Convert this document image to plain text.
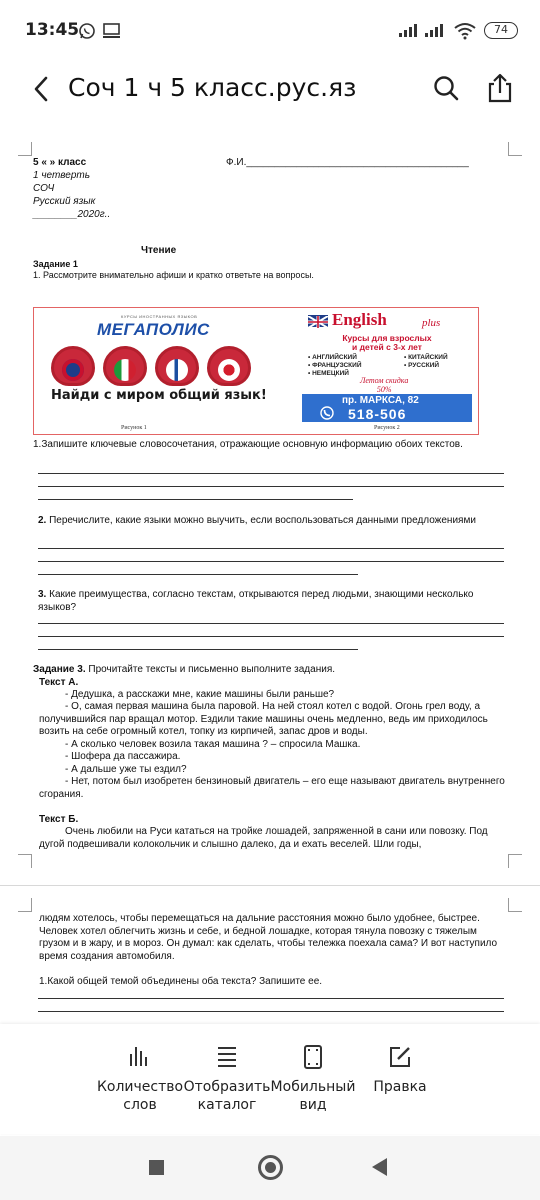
13:45	74
Соч 1 ч 5 класс.рус.яз
5 « » класс	Ф.И.________________________________________
1 четверть
СОЧ
Русский язык
________2020г..
Чтение
Задание 1
1. Рассмотрите внимательно афиши и кратко ответьте на вопросы.
КУРСЫ ИНОСТРАННЫХ ЯЗЫКОВ
МЕГАПОЛИС
Найди с миром общий язык!
Рисунок 1
English	plus
Курсы для взрослых
и детей с 3-х лет
• АНГЛИЙСКИЙ
• ФРАНЦУЗСКИЙ
• НЕМЕЦКИЙ
• КИТАЙСКИЙ
• РУССКИЙ
Летом скидка
50%
пр. МАРКСА, 82
518-506
Рисунок 2
1.Запишите ключевые словосочетания, отражающие основную информацию обоих текстов.
2. Перечислите, какие языки можно выучить, если воспользоваться данными предложениями
3. Какие преимущества, согласно текстам, открываются перед людьми, знающими несколько языков?
Задание 3. Прочитайте тексты и письменно выполните задания.
Текст А.
- Дедушка, а расскажи мне, какие машины были раньше?
- О, самая первая машина была паровой. На ней стоял котел с водой. Огонь грел воду, а получившийся пар вращал мотор. Ездили такие машины очень медленно, ведь им приходилось возить на себе огромный котел, топку из кирпичей, запас дров и воды.
- А сколько человек возила такая машина ? – спросила Машка.
- Шофера да пассажира.
- А дальше уже ты ездил?
- Нет, потом был изобретен бензиновый двигатель – его еще называют двигатель внутреннего сгорания.
Текст Б.
Очень любили на Руси кататься на тройке лошадей, запряженной в сани или повозку. Под дугой подвешивали колокольчик и слышно далеко, да и ехать веселей. Шли годы,
людям хотелось, чтобы перемещаться на дальние расстояния можно было удобнее, быстрее. Человек хотел облегчить жизнь и себе, и бедной лошадке, которая тянула повозку с тяжелым грузом и в жару, и в мороз. Он думал: как сделать, чтобы тележка поехала сама? И вот наступило время создания автомобиля.
1.Какой общей темой объединены оба текста? Запишите ее.
Количество
слов
Отобразить
каталог
Мобильный
вид
Правка
